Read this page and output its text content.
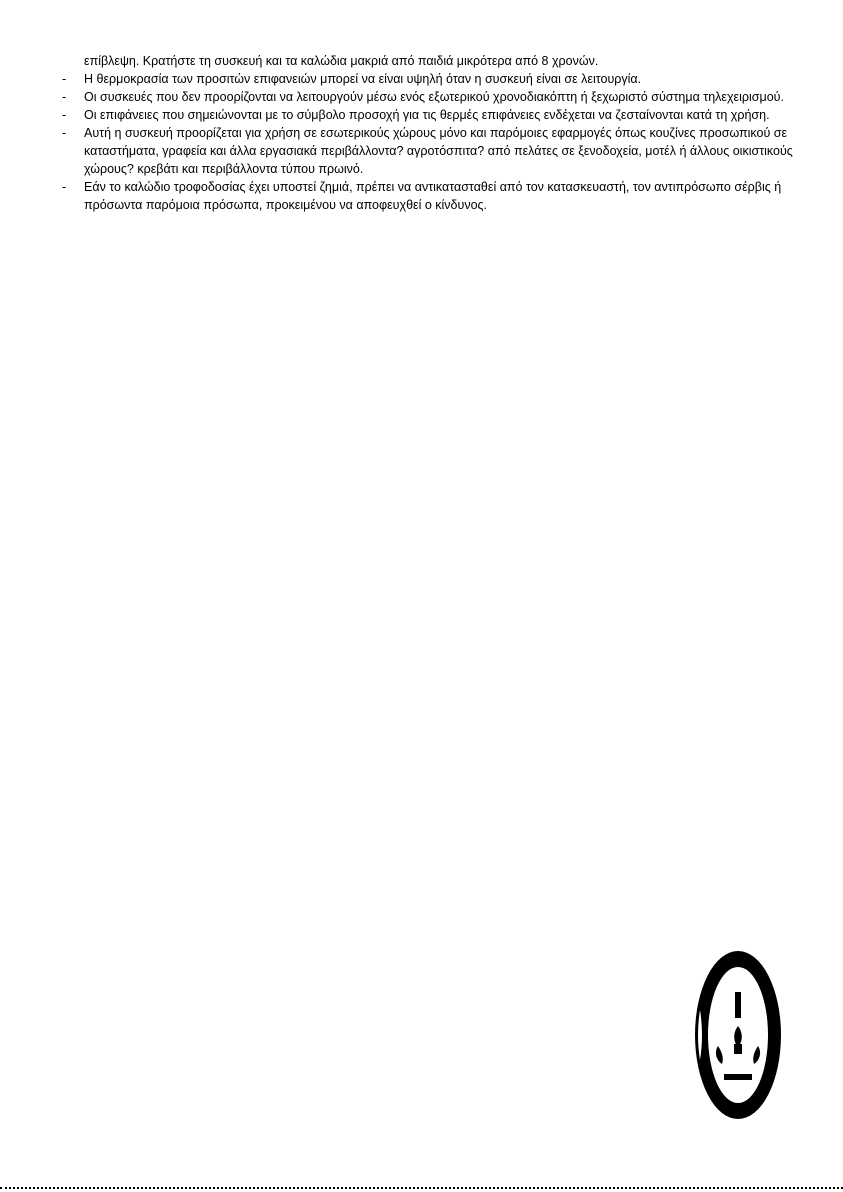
επίβλεψη. Κρατήστε τη συσκευή και τα καλώδια μακριά από παιδιά μικρότερα από 8 χρονών.

- Η θερμοκρασία των προσιτών επιφανειών μπορεί να είναι υψηλή όταν η συσκευή είναι σε λειτουργία.
- Οι συσκευές που δεν προορίζονται να λειτουργούν μέσω ενός εξωτερικού χρονοδιακόπτη ή ξεχωριστό σύστημα τηλεχειρισμού.
- Οι επιφάνειες που σημειώνονται με το σύμβολο προσοχή για τις θερμές επιφάνειες ενδέχεται να ζεσταίνονται κατά τη χρήση.
- Αυτή η συσκευή προορίζεται για χρήση σε εσωτερικούς χώρους μόνο και παρόμοιες εφαρμογές όπως κουζίνες προσωπικού σε καταστήματα, γραφεία και άλλα εργασιακά περιβάλλοντα? αγροτόσπιτα? από πελάτες σε ξενοδοχεία, μοτέλ ή άλλους οικιστικούς χώρους? κρεβάτι και περιβάλλοντα τύπου πρωινό.
- Εάν το καλώδιο τροφοδοσίας έχει υποστεί ζημιά, πρέπει να αντικατασταθεί από τον κατασκευαστή, τον αντιπρόσωπο σέρβις ή πρόσωντα παρόμοια πρόσωπα, προκειμένου να αποφευχθεί ο κίνδυνος.
